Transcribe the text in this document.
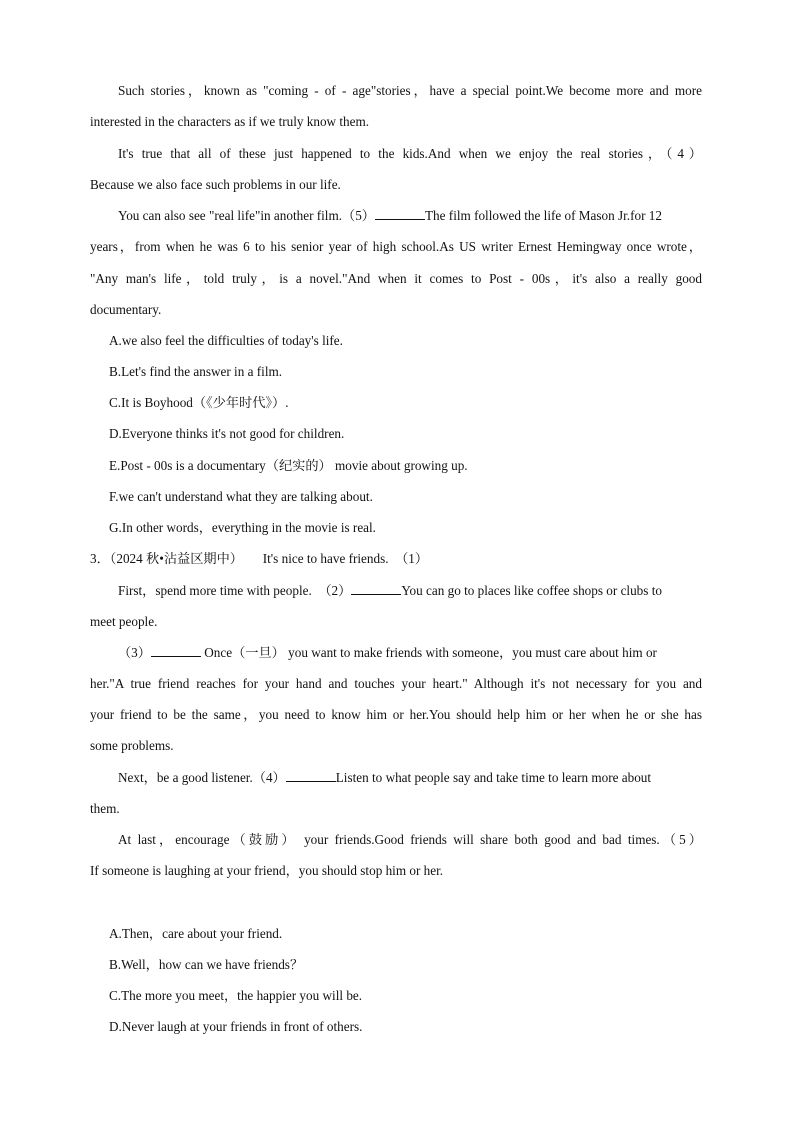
Such stories，known as "coming - of - age"stories，have a special point.We become more and more
interested in the characters as if we truly know them.
It's true that all of these just happened to the kids.And when we enjoy the real stories，（4）
Because we also face such problems in our life.
You can also see "real life"in another film.（5）	The film followed the life of Mason Jr.for 12
years，from when he was 6 to his senior year of high school.As US writer Ernest Hemingway once wrote，
"Any man's life，told truly，is a novel."And when it comes to Post - 00s，it's also a really good
documentary.
A.we also feel the difficulties of today's life.
B.Let's find the answer in a film.
C.It is Boyhood（《少年时代》）.
D.Everyone thinks it's not good for children.
E.Post - 00s is a documentary（纪实的） movie about growing up.
F.we can't understand what they are talking about.
G.In other words，everything in the movie is real.
3．（2024 秋•沾益区期中）　　It's nice to have friends.　（1）
First，spend more time with people.　（2）	You can go to places like coffee shops or clubs to
meet people.
（3）	Once（一旦） you want to make friends with someone，you must care about him or
her."A true friend reaches for your hand and touches your heart." Although it's not necessary for you and
your friend to be the same，you need to know him or her.You should help him or her when he or she has
some problems.
Next，be a good listener.（4）	Listen to what people say and take time to learn more about
them.
At last，encourage（鼓励） your friends.Good friends will share both good and bad times.（5）
If someone is laughing at your friend，you should stop him or her.
A.Then，care about your friend.
B.Well，how can we have friends？
C.The more you meet，the happier you will be.
D.Never laugh at your friends in front of others.
